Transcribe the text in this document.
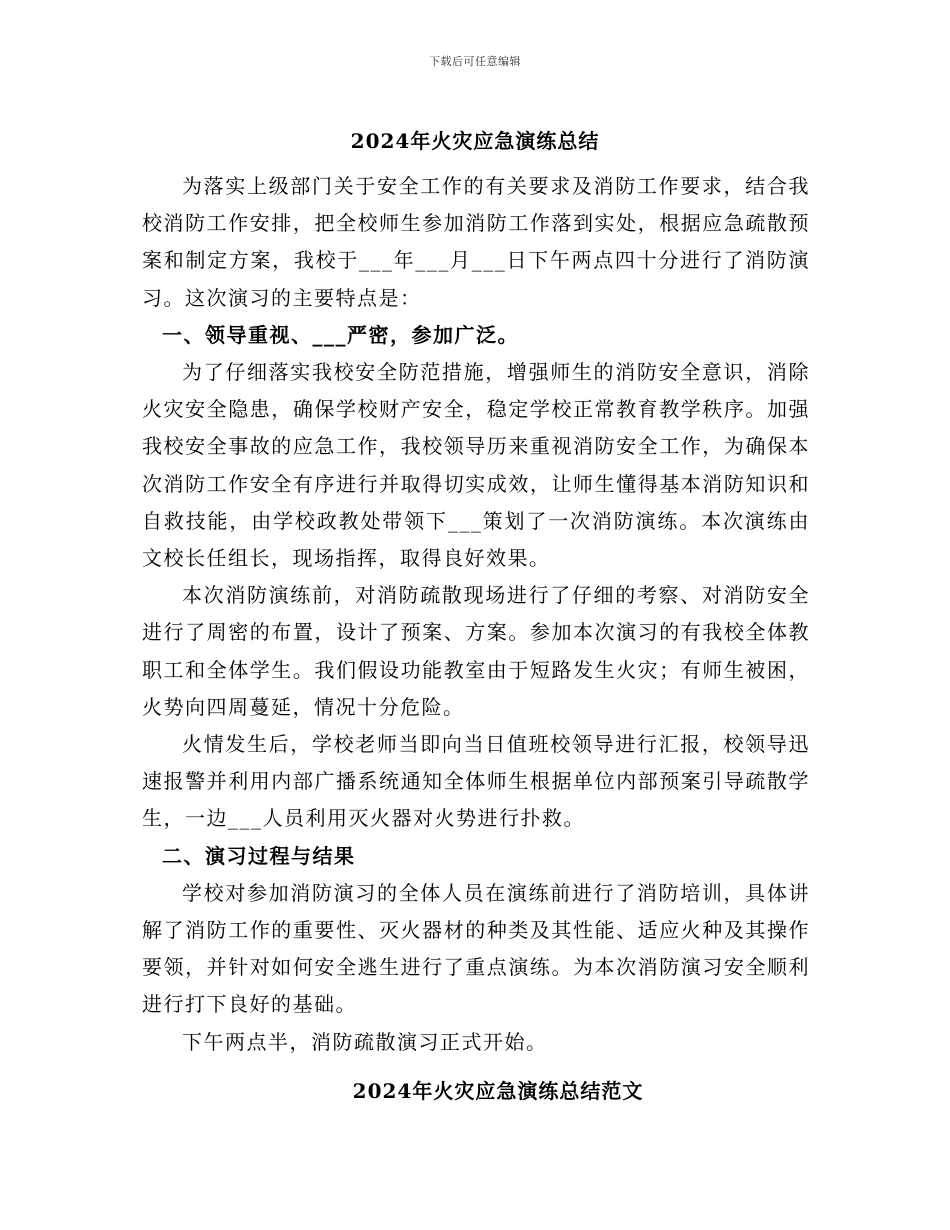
下载后可任意编辑
2024年火灾应急演练总结

为落实上级部门关于安全工作的有关要求及消防工作要求，结合我校消防工作安排，把全校师生参加消防工作落到实处，根据应急疏散预案和制定方案，我校于___年___月___日下午两点四十分进行了消防演习。这次演习的主要特点是：

一、领导重视、___严密，参加广泛。

为了仔细落实我校安全防范措施，增强师生的消防安全意识，消除火灾安全隐患，确保学校财产安全，稳定学校正常教育教学秩序。加强我校安全事故的应急工作，我校领导历来重视消防安全工作，为确保本次消防工作安全有序进行并取得切实成效，让师生懂得基本消防知识和自救技能，由学校政教处带领下___策划了一次消防演练。本次演练由文校长任组长，现场指挥，取得良好效果。

本次消防演练前，对消防疏散现场进行了仔细的考察、对消防安全进行了周密的布置，设计了预案、方案。参加本次演习的有我校全体教职工和全体学生。我们假设功能教室由于短路发生火灾；有师生被困，火势向四周蔓延，情况十分危险。

火情发生后，学校老师当即向当日值班校领导进行汇报，校领导迅速报警并利用内部广播系统通知全体师生根据单位内部预案引导疏散学生，一边___人员利用灭火器对火势进行扑救。

二、演习过程与结果

学校对参加消防演习的全体人员在演练前进行了消防培训，具体讲解了消防工作的重要性、灭火器材的种类及其性能、适应火种及其操作要领，并针对如何安全逃生进行了重点演练。为本次消防演习安全顺利进行打下良好的基础。

下午两点半，消防疏散演习正式开始。

2024年火灾应急演练总结范文
